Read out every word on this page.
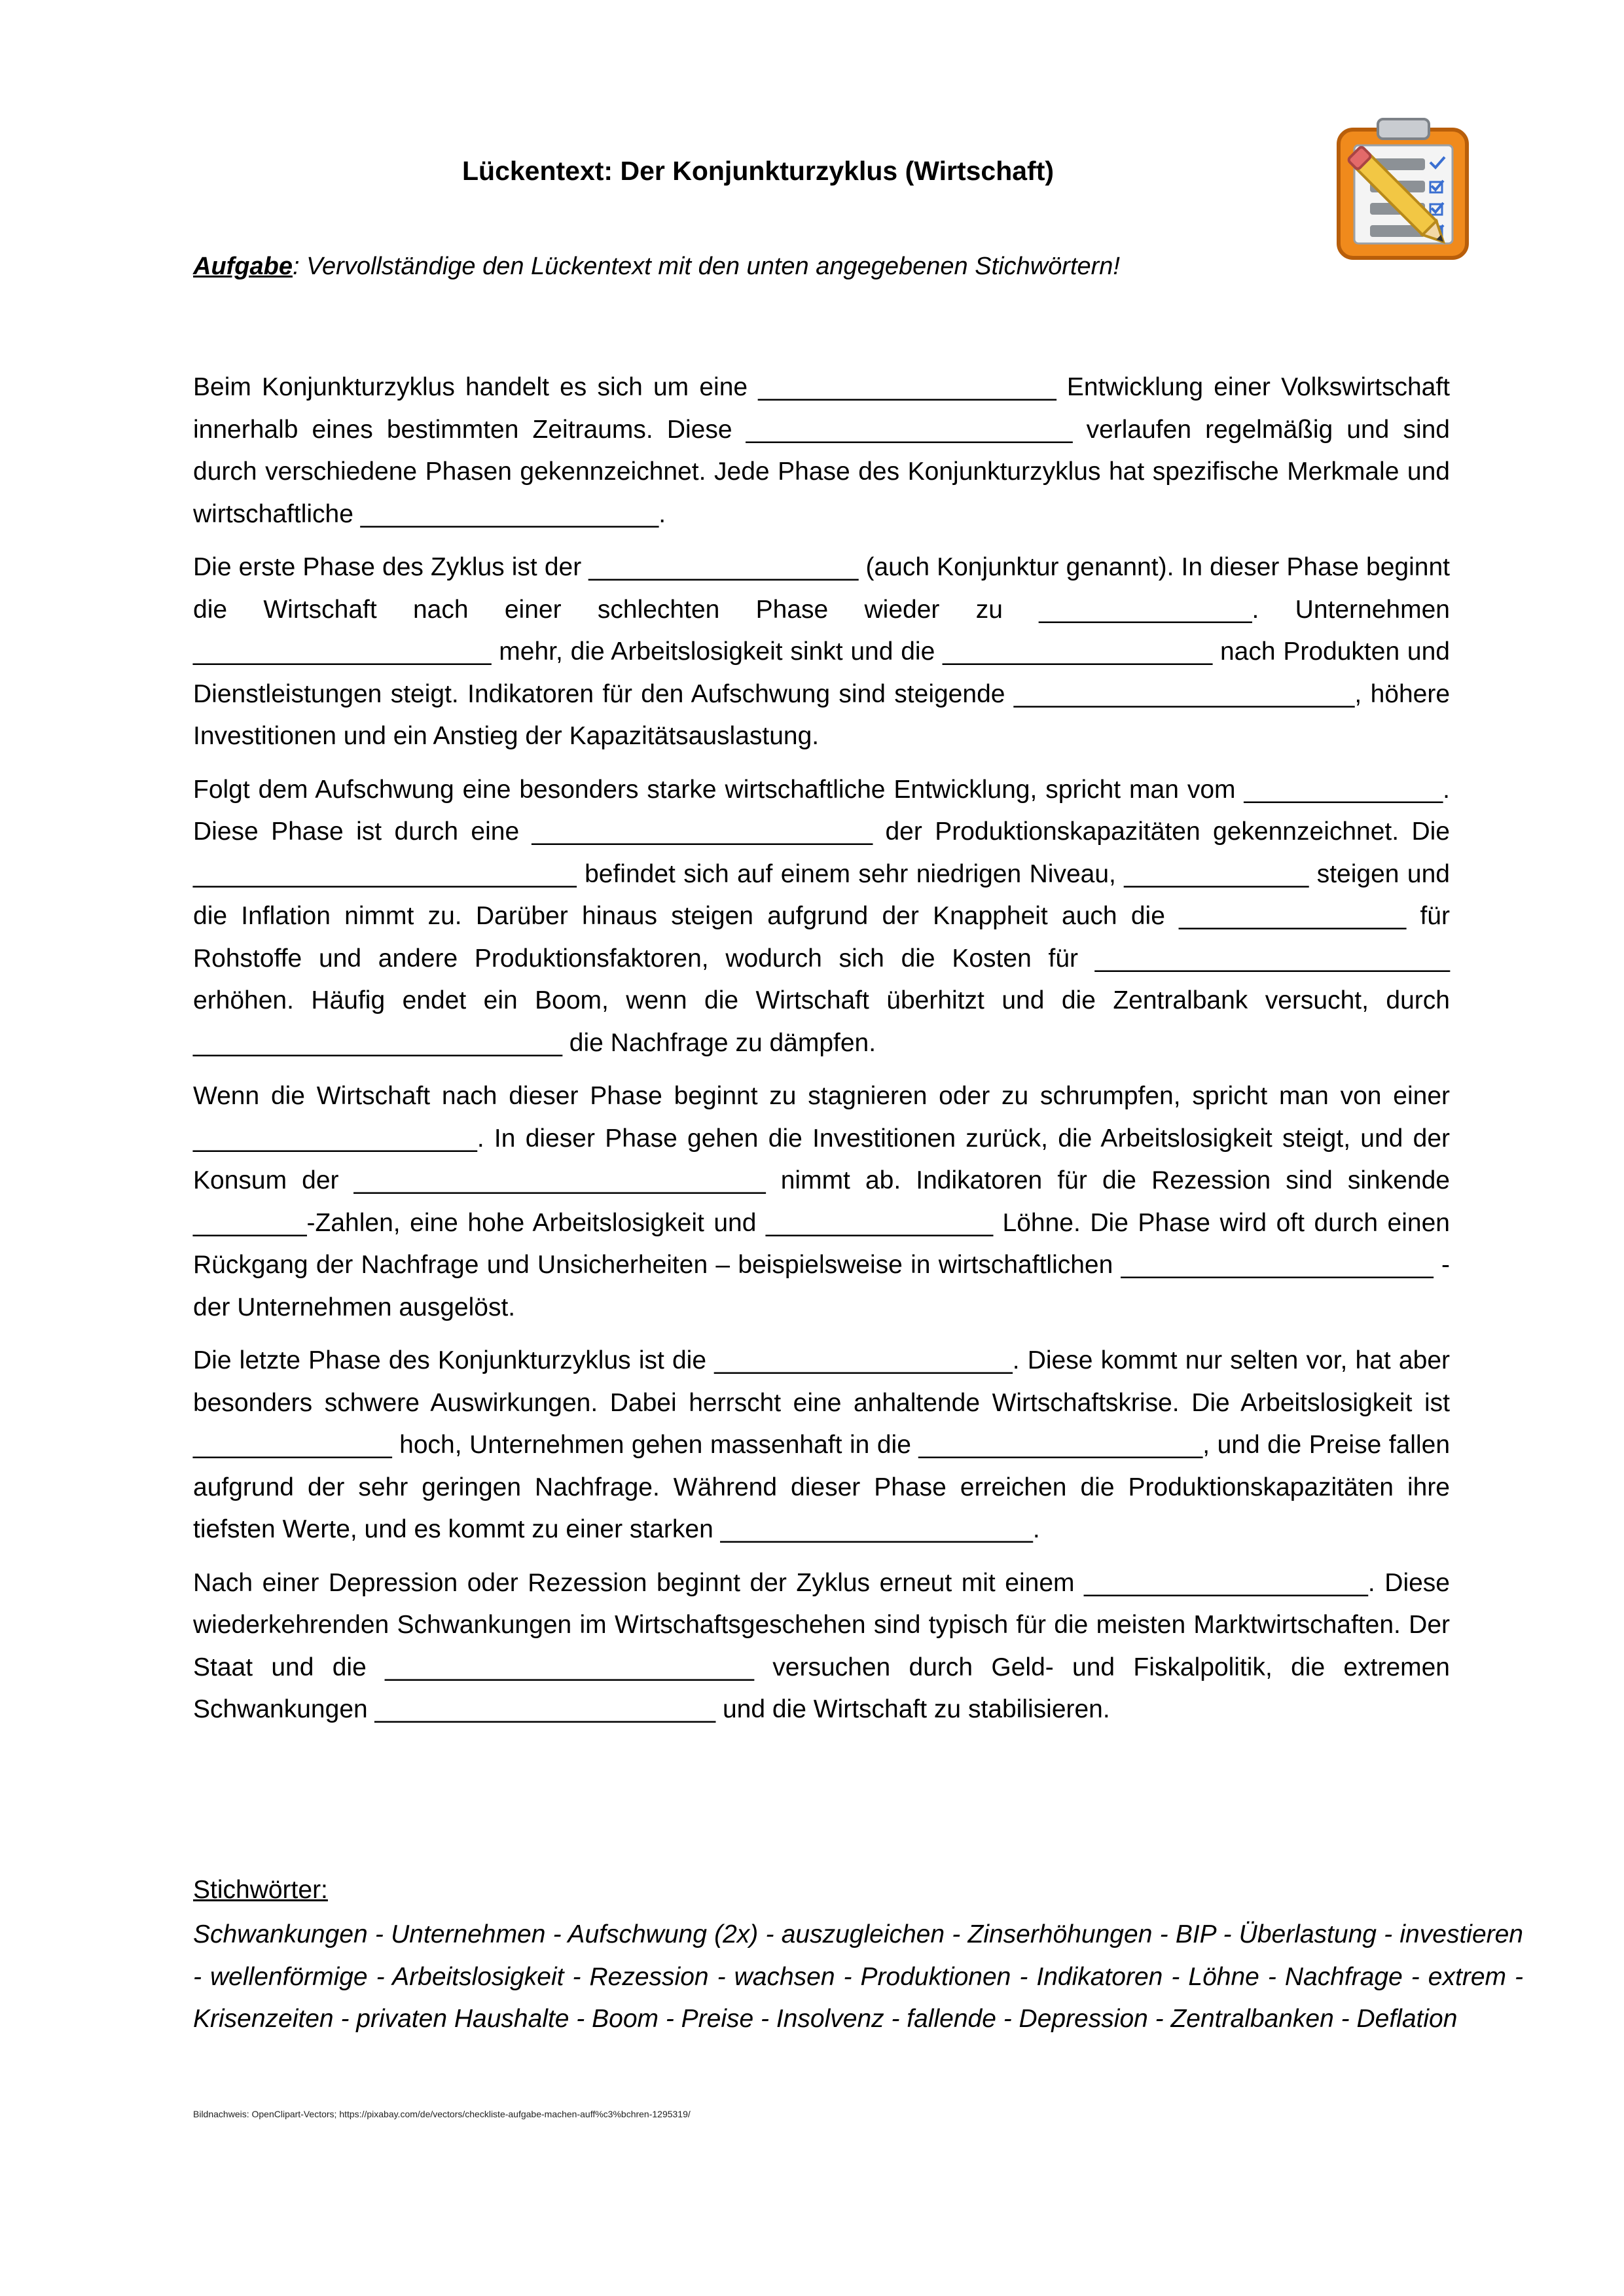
Lückentext: Der Konjunkturzyklus (Wirtschaft)
Aufgabe: Vervollständige den Lückentext mit den unten angegebenen Stichwörtern!

Beim Konjunkturzyklus handelt es sich um eine _____________________ Entwicklung einer Volkswirtschaft innerhalb eines bestimmten Zeitraums. Diese _______________________ verlaufen regelmäßig und sind durch verschiedene Phasen gekennzeichnet. Jede Phase des Konjunkturzyklus hat spezifische Merkmale und wirtschaftliche _____________________.

Die erste Phase des Zyklus ist der ___________________ (auch Konjunktur genannt). In dieser Phase beginnt die Wirtschaft nach einer schlechten Phase wieder zu _______________. Unternehmen _____________________ mehr, die Arbeitslosigkeit sinkt und die ___________________ nach Produkten und Dienstleistungen steigt. Indikatoren für den Aufschwung sind steigende ________________________, höhere Investitionen und ein Anstieg der Kapazitätsauslastung.

Folgt dem Aufschwung eine besonders starke wirtschaftliche Entwicklung, spricht man vom ______________. Diese Phase ist durch eine ________________________ der Produktionskapazitäten gekennzeichnet. Die ___________________________ befindet sich auf einem sehr niedrigen Niveau, _____________ steigen und die Inflation nimmt zu. Darüber hinaus steigen aufgrund der Knappheit auch die ________________ für Rohstoffe und andere Produktionsfaktoren, wodurch sich die Kosten für _________________________ erhöhen. Häufig endet ein Boom, wenn die Wirtschaft überhitzt und die Zentralbank versucht, durch __________________________ die Nachfrage zu dämpfen.

Wenn die Wirtschaft nach dieser Phase beginnt zu stagnieren oder zu schrumpfen, spricht man von einer ____________________. In dieser Phase gehen die Investitionen zurück, die Arbeitslosigkeit steigt, und der Konsum der _____________________________ nimmt ab. Indikatoren für die Rezession sind sinkende ________-Zahlen, eine hohe Arbeitslosigkeit und ________________ Löhne. Die Phase wird oft durch einen Rückgang der Nachfrage und Unsicherheiten – beispielsweise in wirtschaftlichen ______________________ - der Unternehmen ausgelöst.

Die letzte Phase des Konjunkturzyklus ist die _____________________. Diese kommt nur selten vor, hat aber besonders schwere Auswirkungen. Dabei herrscht eine anhaltende Wirtschaftskrise. Die Arbeitslosigkeit ist ______________ hoch, Unternehmen gehen massenhaft in die ____________________, und die Preise fallen aufgrund der sehr geringen Nachfrage. Während dieser Phase erreichen die Produktionskapazitäten ihre tiefsten Werte, und es kommt zu einer starken ______________________.

Nach einer Depression oder Rezession beginnt der Zyklus erneut mit einem ____________________. Diese wiederkehrenden Schwankungen im Wirtschaftsgeschehen sind typisch für die meisten Marktwirtschaften. Der Staat und die __________________________ versuchen durch Geld- und Fiskalpolitik, die extremen Schwankungen ________________________ und die Wirtschaft zu stabilisieren.

Stichwörter:
Schwankungen - Unternehmen - Aufschwung (2x) - auszugleichen - Zinserhöhungen - BIP - Überlastung - investieren - wellenförmige - Arbeitslosigkeit - Rezession - wachsen - Produktionen - Indikatoren - Löhne - Nachfrage - extrem - Krisenzeiten - privaten Haushalte - Boom - Preise - Insolvenz - fallende - Depression - Zentralbanken - Deflation
Bildnachweis: OpenClipart-Vectors; https://pixabay.com/de/vectors/checkliste-aufgabe-machen-auff%c3%bchren-1295319/
